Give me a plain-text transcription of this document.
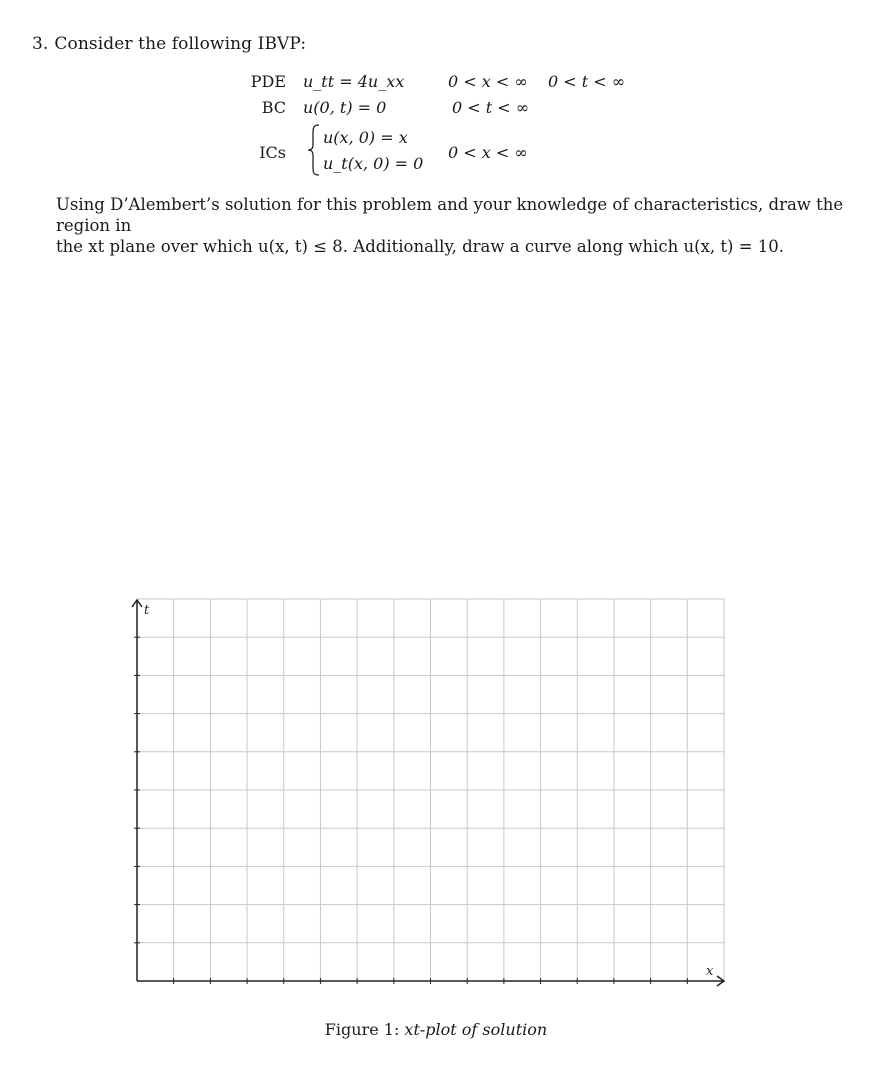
3. Consider the following IBVP:
PDE u_tt = 4u_xx	0 < x < ∞ 0 < t < ∞
BC u(0, t) = 0	0 < t < ∞
ICs
u(x, 0) = x
u_t(x, 0) = 0
0 < x < ∞
Using D’Alembert’s solution for this problem and your knowledge of characteristics, draw the region in
the xt plane over which u(x, t) ≤ 8. Additionally, draw a curve along which u(x, t) = 10.
t
x
Figure 1: xt-plot of solution
